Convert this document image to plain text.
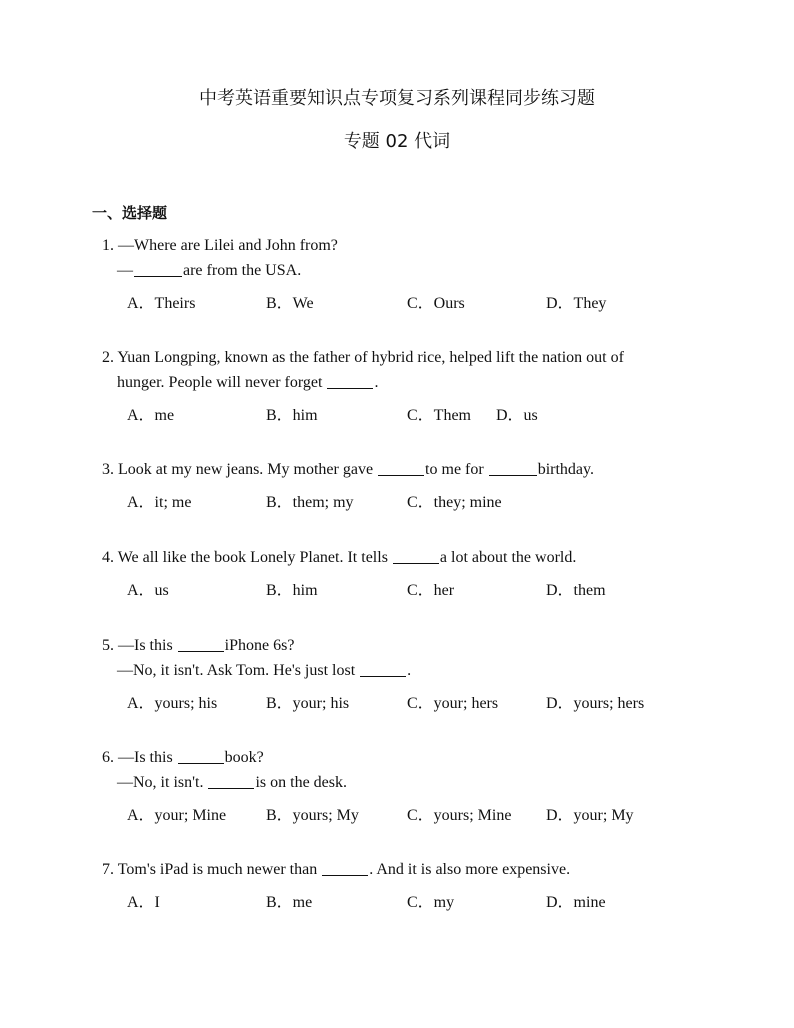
中考英语重要知识点专项复习系列课程同步练习题
专题 02 代词
一、选择题
1. —Where are Lilei and John from?
—	are from the USA.
A．Theirs	B．We	C．Ours	D．They
2. Yuan Longping, known as the father of hybrid rice, helped lift the nation out of
hunger. People will never forget	.
A．me	B．him	C．Them D．us
3. Look at my new jeans. My mother gave	to me for	birthday.
A．it; me	B．them; my	C．they; mine
4. We all like the book Lonely Planet. It tells	a lot about the world.
A．us	B．him	C．her	D．them
5. —Is this	iPhone 6s?
—No, it isn't. Ask Tom. He's just lost	.
A．yours; his	B．your; his	C．your; hers	D．yours; hers
6. —Is this	book?
—No, it isn't.	is on the desk.
A．your; Mine B．yours; My	C．yours; Mine D．your; My
7. Tom's iPad is much newer than	. And it is also more expensive.
A．I	B．me	C．my	D．mine
